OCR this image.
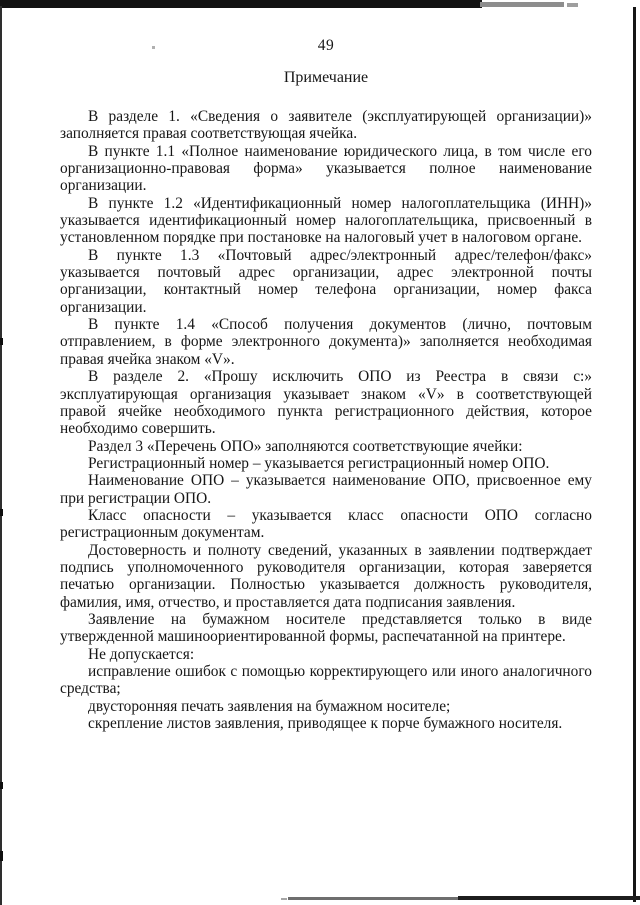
49
Примечание

В разделе 1. «Сведения о заявителе (эксплуатирующей организации)» заполняется правая соответствующая ячейка.

В пункте 1.1 «Полное наименование юридического лица, в том числе его организационно-правовая форма» указывается полное наименование организации.

В пункте 1.2 «Идентификационный номер налогоплательщика (ИНН)» указывается идентификационный номер налогоплательщика, присвоенный в установленном порядке при постановке на налоговый учет в налоговом органе.

В пункте 1.3 «Почтовый адрес/электронный адрес/телефон/факс» указывается почтовый адрес организации, адрес электронной почты организации, контактный номер телефона организации, номер факса организации.

В пункте 1.4 «Способ получения документов (лично, почтовым отправлением, в форме электронного документа)» заполняется необходимая правая ячейка знаком «V».

В разделе 2. «Прошу исключить ОПО из Реестра в связи с:» эксплуатирующая организация указывает знаком «V» в соответствующей правой ячейке необходимого пункта регистрационного действия, которое необходимо совершить.

Раздел 3 «Перечень ОПО» заполняются соответствующие ячейки:

Регистрационный номер – указывается регистрационный номер ОПО.

Наименование ОПО – указывается наименование ОПО, присвоенное ему при регистрации ОПО.

Класс опасности – указывается класс опасности ОПО согласно регистрационным документам.

Достоверность и полноту сведений, указанных в заявлении подтверждает подпись уполномоченного руководителя организации, которая заверяется печатью организации. Полностью указывается должность руководителя, фамилия, имя, отчество, и проставляется дата подписания заявления.

Заявление на бумажном носителе представляется только в виде утвержденной машиноориентированной формы, распечатанной на принтере.

Не допускается:

исправление ошибок с помощью корректирующего или иного аналогичного средства;

двусторонняя печать заявления на бумажном носителе;

скрепление листов заявления, приводящее к порче бумажного носителя.
